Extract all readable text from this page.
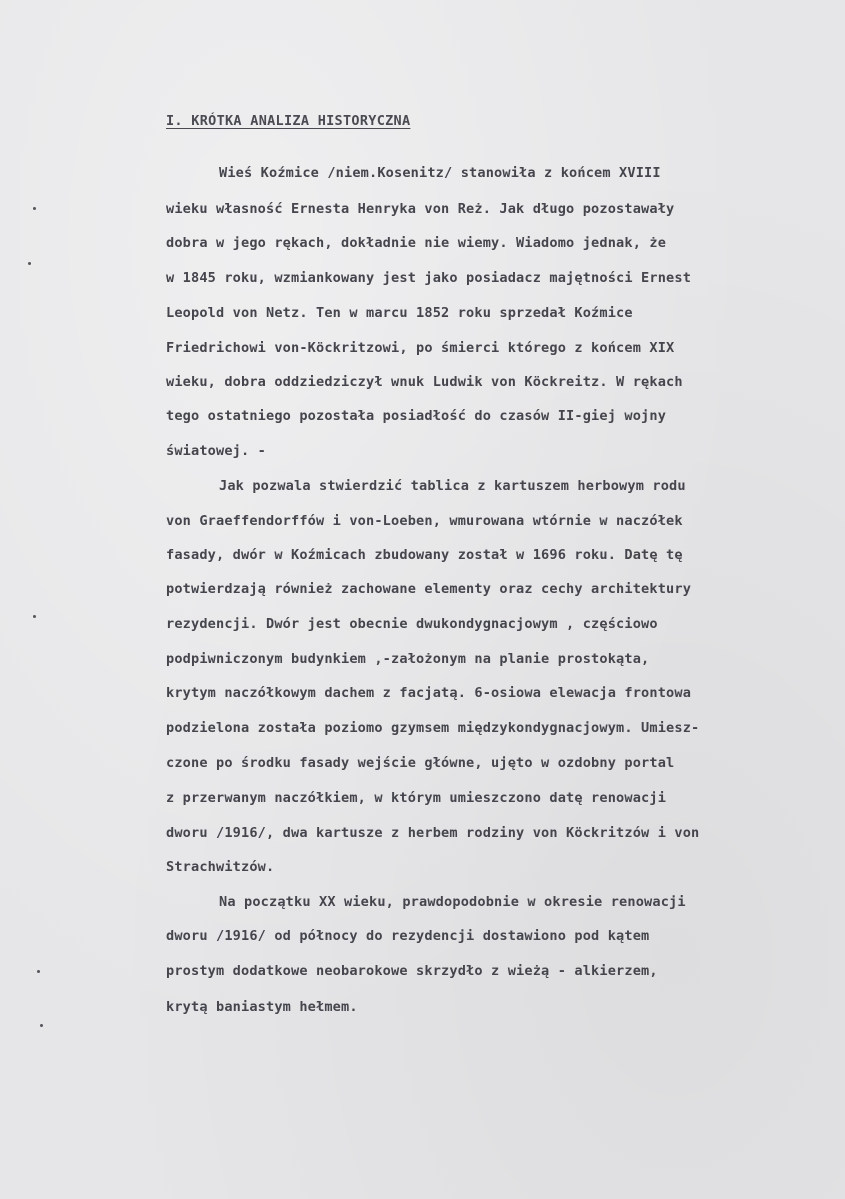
I. KRÓTKA ANALIZA HISTORYCZNA
Wieś Koźmice /niem.Kosenitz/ stanowiła z końcem XVIII
wieku własność Ernesta Henryka von Reż. Jak długo pozostawały
dobra w jego rękach, dokładnie nie wiemy. Wiadomo jednak, że
w 1845 roku, wzmiankowany jest jako posiadacz majętności Ernest
Leopold von Netz. Ten w marcu 1852 roku sprzedał Koźmice
Friedrichowi von-Köckritzowi, po śmierci którego z końcem XIX
wieku, dobra oddziedziczył wnuk Ludwik von Köckreitz. W rękach
tego ostatniego pozostała posiadłość do czasów II-giej wojny
światowej. -
Jak pozwala stwierdzić tablica z kartuszem herbowym rodu
von Graeffendorffów i von-Loeben, wmurowana wtórnie w naczółek
fasady, dwór w Koźmicach zbudowany został w 1696 roku. Datę tę
potwierdzają również zachowane elementy oraz cechy architektury
rezydencji. Dwór jest obecnie dwukondygnacjowym , częściowo
podpiwniczonym budynkiem ,-założonym na planie prostokąta,
krytym naczółkowym dachem z facjatą. 6-osiowa elewacja frontowa
podzielona została poziomo gzymsem międzykondygnacjowym. Umiesz-
czone po środku fasady wejście główne, ujęto w ozdobny portal
z przerwanym naczółkiem, w którym umieszczono datę renowacji
dworu /1916/, dwa kartusze z herbem rodziny von Köckritzów i von
Strachwitzów.
Na początku XX wieku, prawdopodobnie w okresie renowacji
dworu /1916/ od północy do rezydencji dostawiono pod kątem
prostym dodatkowe neobarokowe skrzydło z wieżą - alkierzem,
krytą baniastym hełmem.
